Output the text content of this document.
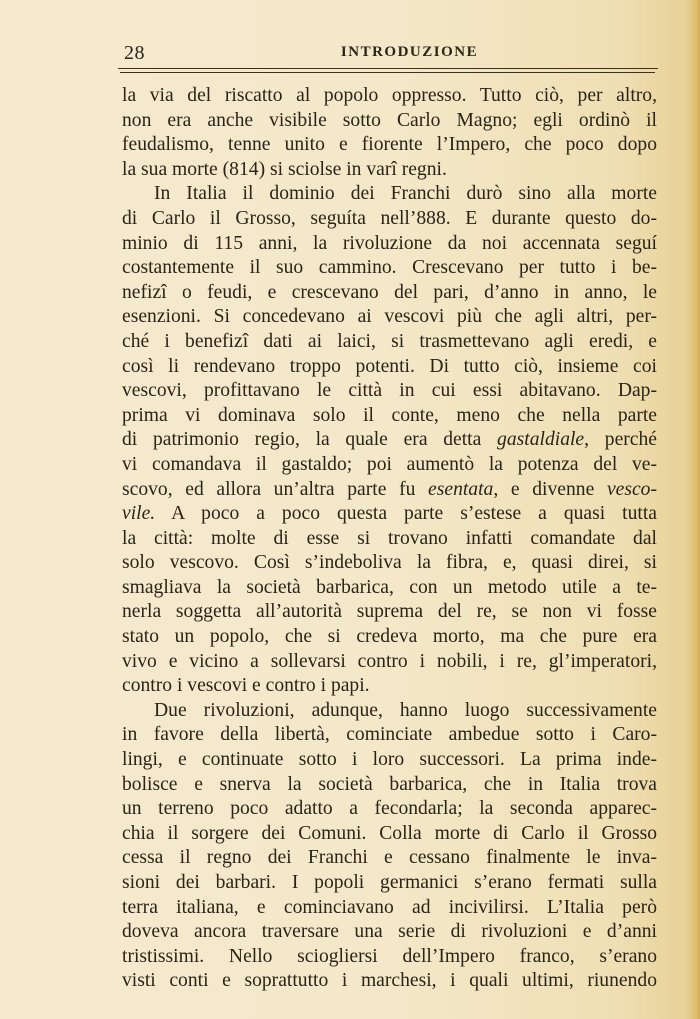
28	INTRODUZIONE
la via del riscatto al popolo oppresso. Tutto ciò, per altro,
non era anche visibile sotto Carlo Magno; egli ordinò il
feudalismo, tenne unito e fiorente l’Impero, che poco dopo
la sua morte (814) si sciolse in varî regni.
In Italia il dominio dei Franchi durò sino alla morte
di Carlo il Grosso, seguíta nell’888. E durante questo do-
minio di 115 anni, la rivoluzione da noi accennata seguí
costantemente il suo cammino. Crescevano per tutto i be-
nefizî o feudi, e crescevano del pari, d’anno in anno, le
esenzioni. Si concedevano ai vescovi più che agli altri, per-
ché i benefizî dati ai laici, si trasmettevano agli eredi, e
così li rendevano troppo potenti. Di tutto ciò, insieme coi
vescovi, profittavano le città in cui essi abitavano. Dap-
prima vi dominava solo il conte, meno che nella parte
di patrimonio regio, la quale era detta gastaldiale, perché
vi comandava il gastaldo; poi aumentò la potenza del ve-
scovo, ed allora un’altra parte fu esentata, e divenne vesco-
vile. A poco a poco questa parte s’estese a quasi tutta
la città: molte di esse si trovano infatti comandate dal
solo vescovo. Così s’indeboliva la fibra, e, quasi direi, si
smagliava la società barbarica, con un metodo utile a te-
nerla soggetta all’autorità suprema del re, se non vi fosse
stato un popolo, che si credeva morto, ma che pure era
vivo e vicino a sollevarsi contro i nobili, i re, gl’imperatori,
contro i vescovi e contro i papi.
Due rivoluzioni, adunque, hanno luogo successivamente
in favore della libertà, cominciate ambedue sotto i Caro-
lingi, e continuate sotto i loro successori. La prima inde-
bolisce e snerva la società barbarica, che in Italia trova
un terreno poco adatto a fecondarla; la seconda apparec-
chia il sorgere dei Comuni. Colla morte di Carlo il Grosso
cessa il regno dei Franchi e cessano finalmente le inva-
sioni dei barbari. I popoli germanici s’erano fermati sulla
terra italiana, e cominciavano ad incivilirsi. L’Italia però
doveva ancora traversare una serie di rivoluzioni e d’anni
tristissimi. Nello sciogliersi dell’Impero franco, s’erano
visti conti e soprattutto i marchesi, i quali ultimi, riunendo
